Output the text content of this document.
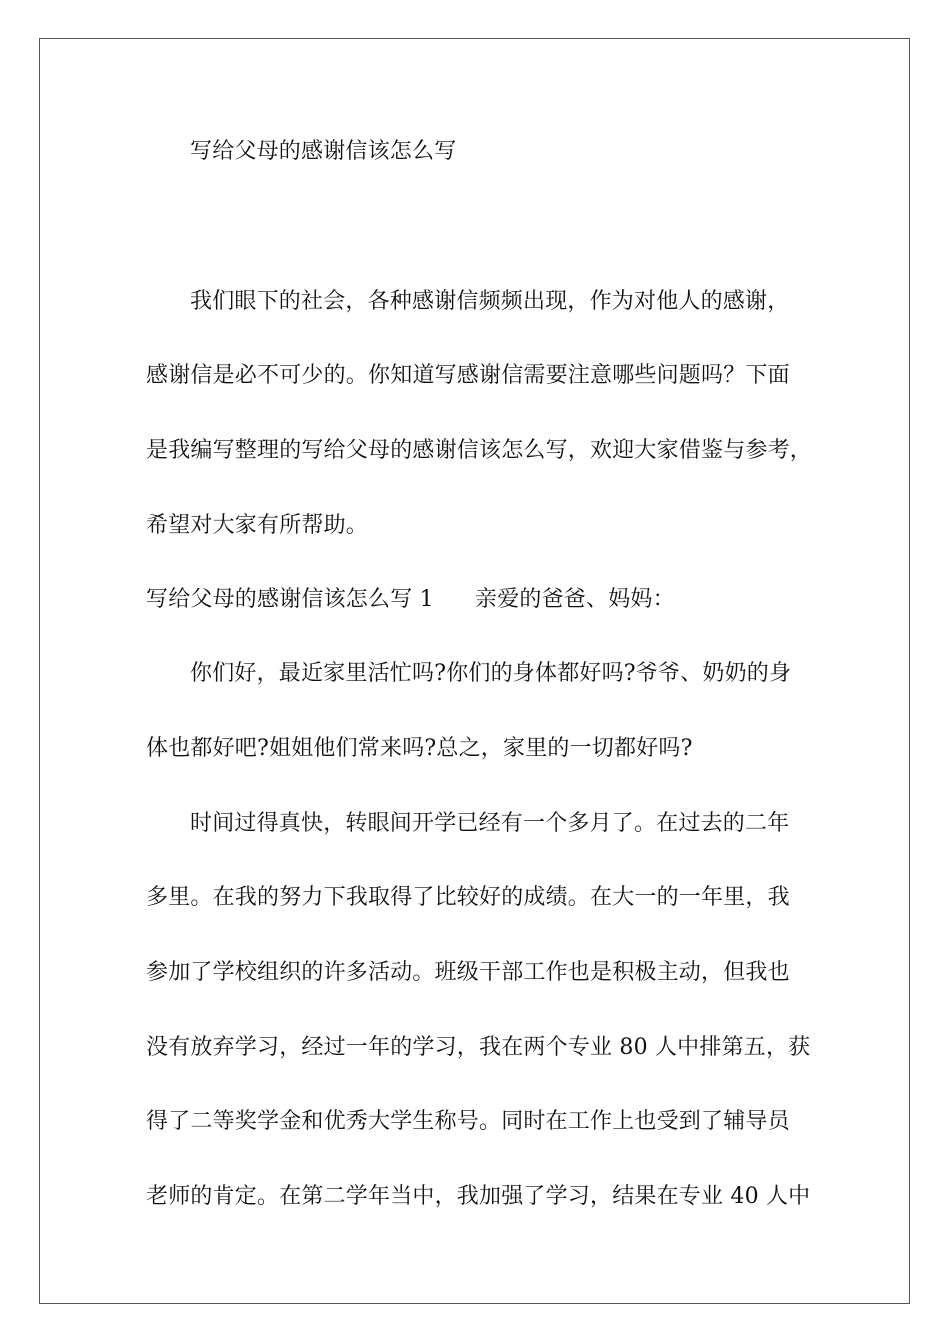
写给父母的感谢信该怎么写
我们眼下的社会，各种感谢信频频出现，作为对他人的感谢，
感谢信是必不可少的。你知道写感谢信需要注意哪些问题吗？下面
是我编写整理的写给父母的感谢信该怎么写，欢迎大家借鉴与参考，
希望对大家有所帮助。
写给父母的感谢信该怎么写 1 亲爱的爸爸、妈妈：
你们好，最近家里活忙吗?你们的身体都好吗?爷爷、奶奶的身
体也都好吧?姐姐他们常来吗?总之，家里的一切都好吗?
时间过得真快，转眼间开学已经有一个多月了。在过去的二年
多里。在我的努力下我取得了比较好的成绩。在大一的一年里，我
参加了学校组织的许多活动。班级干部工作也是积极主动，但我也
没有放弃学习，经过一年的学习，我在两个专业 80 人中排第五，获
得了二等奖学金和优秀大学生称号。同时在工作上也受到了辅导员
老师的肯定。在第二学年当中，我加强了学习，结果在专业 40 人中
